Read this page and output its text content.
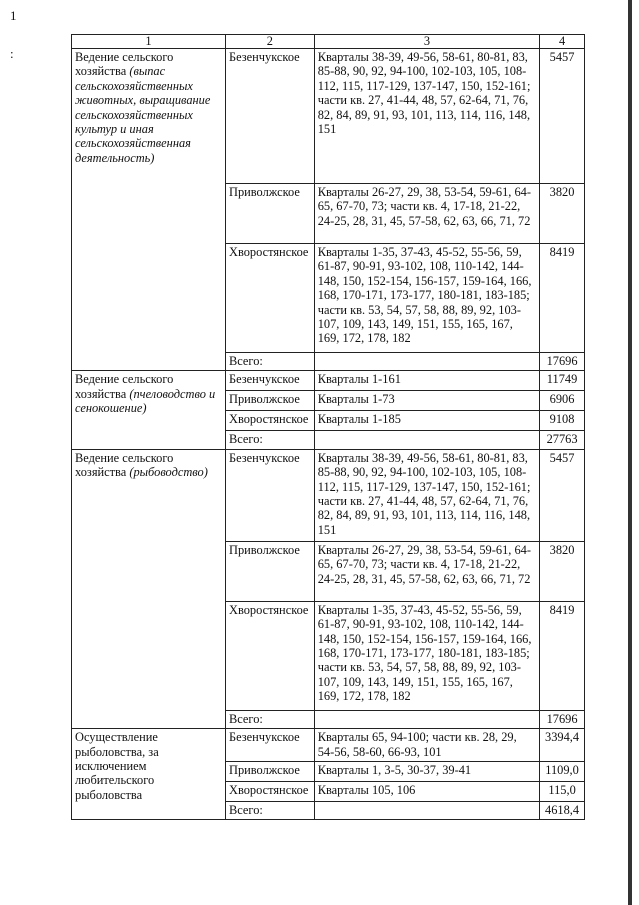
1
:
1	2	3	4
Ведение сельского хозяйства (выпас сельскохозяйственных животных, выращивание сельскохозяйственных культур и иная сельскохозяйственная деятельность)	Безенчукское	Кварталы 38-39, 49-56, 58-61, 80-81, 83, 85-88, 90, 92, 94-100, 102-103, 105, 108-112, 115, 117-129, 137-147, 150, 152-161; части кв. 27, 41-44, 48, 57, 62-64, 71, 76, 82, 84, 89, 91, 93, 101, 113, 114, 116, 148, 151	5457
	Приволжское	Кварталы 26-27, 29, 38, 53-54, 59-61, 64-65, 67-70, 73; части кв. 4, 17-18, 21-22, 24-25, 28, 31, 45, 57-58, 62, 63, 66, 71, 72	3820
	Хворостянское	Кварталы 1-35, 37-43, 45-52, 55-56, 59, 61-87, 90-91, 93-102, 108, 110-142, 144-148, 150, 152-154, 156-157, 159-164, 166, 168, 170-171, 173-177, 180-181, 183-185; части кв. 53, 54, 57, 58, 88, 89, 92, 103-107, 109, 143, 149, 151, 155, 165, 167, 169, 172, 178, 182	8419
	Всего:		17696
Ведение сельского хозяйства (пчеловодство и сенокошение)	Безенчукское	Кварталы 1-161	11749
	Приволжское	Кварталы 1-73	6906
	Хворостянское	Кварталы 1-185	9108
	Всего:		27763
Ведение сельского хозяйства (рыбоводство)	Безенчукское	Кварталы 38-39, 49-56, 58-61, 80-81, 83, 85-88, 90, 92, 94-100, 102-103, 105, 108-112, 115, 117-129, 137-147, 150, 152-161; части кв. 27, 41-44, 48, 57, 62-64, 71, 76, 82, 84, 89, 91, 93, 101, 113, 114, 116, 148, 151	5457
	Приволжское	Кварталы 26-27, 29, 38, 53-54, 59-61, 64-65, 67-70, 73; части кв. 4, 17-18, 21-22, 24-25, 28, 31, 45, 57-58, 62, 63, 66, 71, 72	3820
	Хворостянское	Кварталы 1-35, 37-43, 45-52, 55-56, 59, 61-87, 90-91, 93-102, 108, 110-142, 144-148, 150, 152-154, 156-157, 159-164, 166, 168, 170-171, 173-177, 180-181, 183-185; части кв. 53, 54, 57, 58, 88, 89, 92, 103-107, 109, 143, 149, 151, 155, 165, 167, 169, 172, 178, 182	8419
	Всего:		17696
Осуществление рыболовства, за исключением любительского рыболовства	Безенчукское	Кварталы 65, 94-100; части кв. 28, 29, 54-56, 58-60, 66-93, 101	3394,4
	Приволжское	Кварталы 1, 3-5, 30-37, 39-41	1109,0
	Хворостянское	Кварталы 105, 106	115,0
	Всего:		4618,4
